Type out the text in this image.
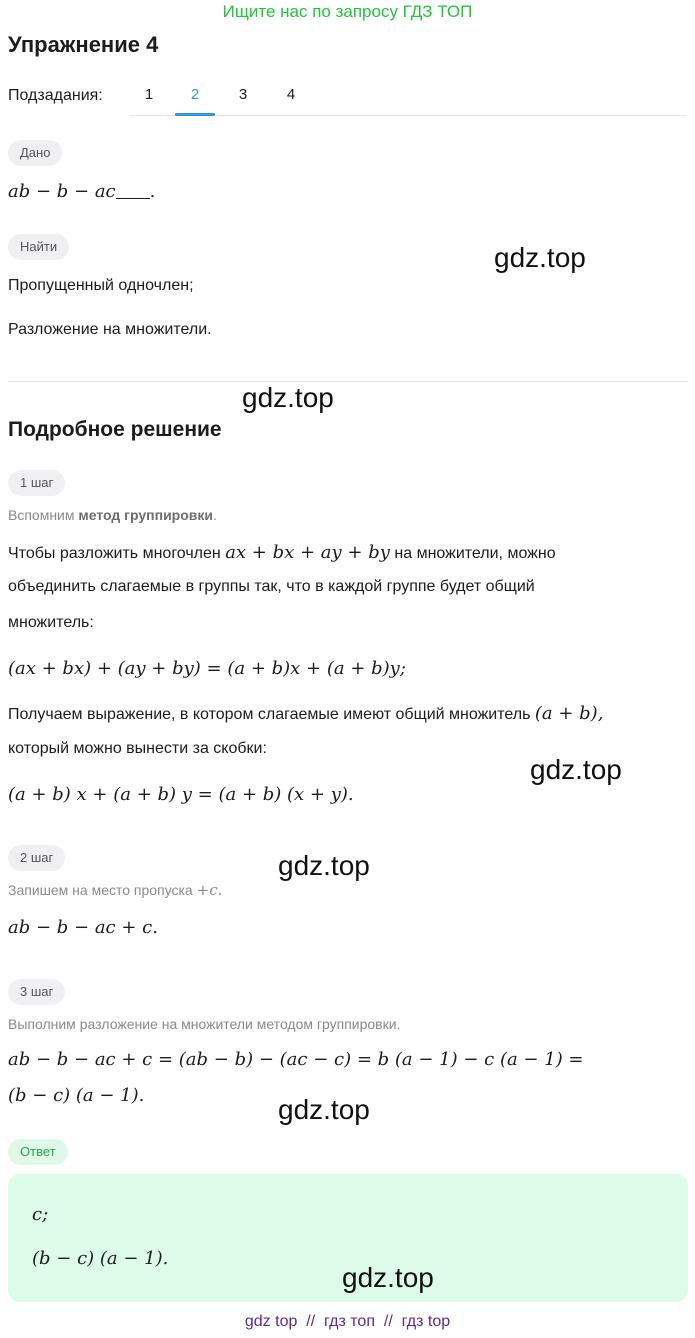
Ищите нас по запросу ГДЗ ТОП
Упражнение 4
Подзадания:	1	2	3	4
Дано
ab − b − ac .
Найти
Пропущенный одночлен;
Разложение на множители.
gdz.top
gdz.top
Подробное решение
1 шаг
Вспомним метод группировки.
Чтобы разложить многочлен ax + bx + ay + by на множители, можно
объединить слагаемые в группы так, что в каждой группе будет общий
множитель:
(ax + bx) + (ay + by) = (a + b)x + (a + b)y;
Получаем выражение, в котором слагаемые имеют общий множитель (a + b),
который можно вынести за скобки:
(a + b) x + (a + b) y = (a + b) (x + y).
gdz.top
2 шаг	gdz.top
Запишем на место пропуска +c.
ab − b − ac + c.
3 шаг
Выполним разложение на множители методом группировки.
ab − b − ac + c = (ab − b) − (ac − c) = b (a − 1) − c (a − 1) =
(b − c) (a − 1).	gdz.top
Ответ
c;
(b − c) (a − 1).
gdz.top
gdz top  //  гдз топ  //  гдз top
